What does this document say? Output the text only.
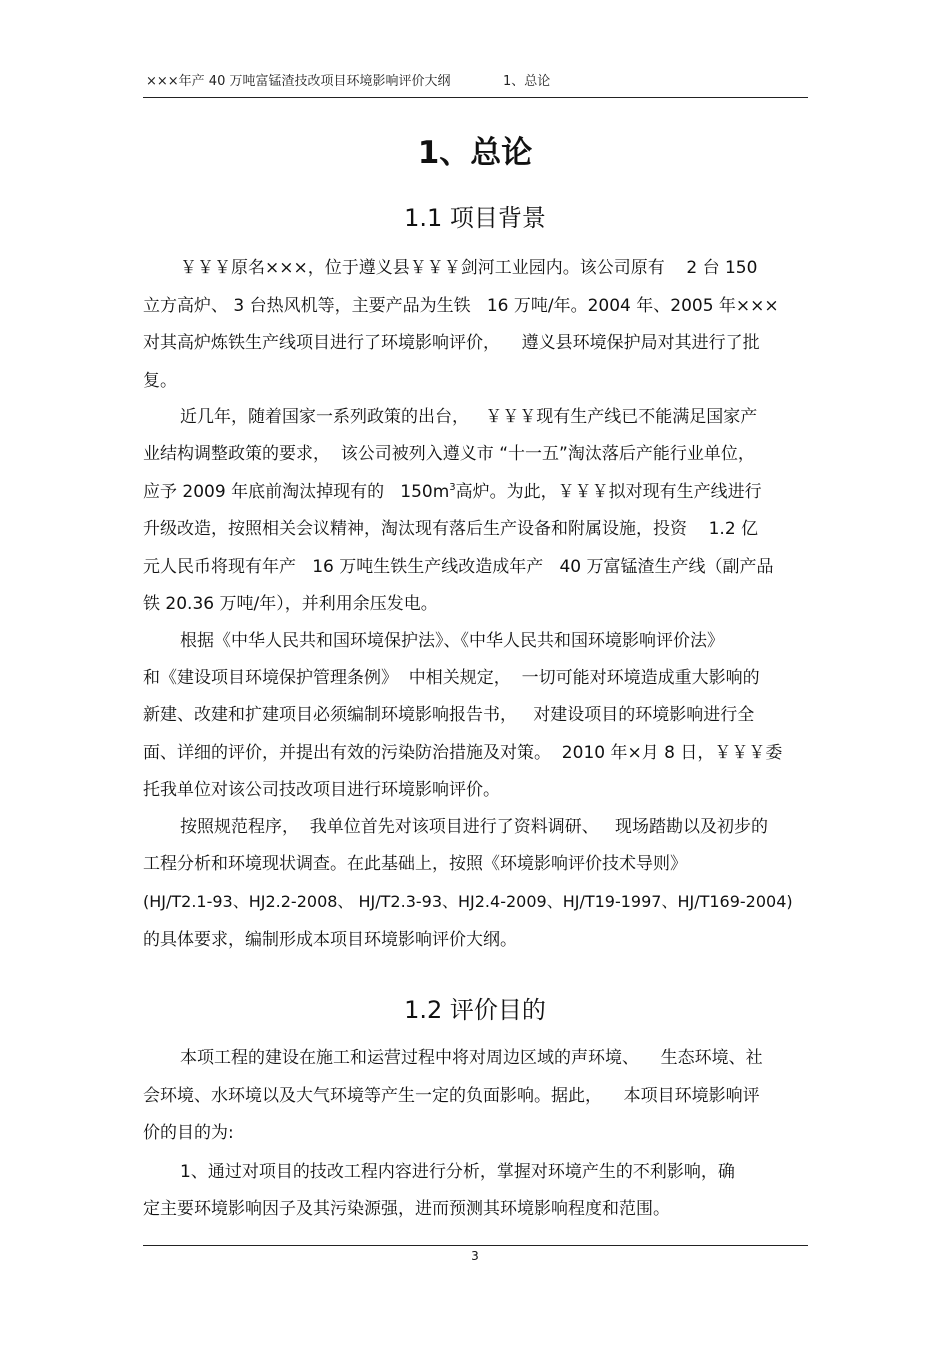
×××年产 40 万吨富锰渣技改项目环境影响评价大纲	1、总论
1、总论
1.1 项目背景
￥￥￥原名×××，位于遵义县￥￥￥剑河工业园内。该公司原有    2 台 150
立方高炉、 3 台热风机等，主要产品为生铁   16 万吨/年。2004 年、2005 年×××
对其高炉炼铁生产线项目进行了环境影响评价，    遵义县环境保护局对其进行了批
复。
近几年，随着国家一系列政策的出台，   ￥￥￥现有生产线已不能满足国家产
业结构调整政策的要求，  该公司被列入遵义市 “十一五”淘汰落后产能行业单位，
应予 2009 年底前淘汰掉现有的   $150m^3$高炉。为此，￥￥￥拟对现有生产线进行
升级改造，按照相关会议精神，淘汰现有落后生产设备和附属设施，投资    1.2 亿
元人民币将现有年产   16 万吨生铁生产线改造成年产   40 万富锰渣生产线（副产品
铁 20.36 万吨/年），并利用余压发电。
根据《中华人民共和国环境保护法》、《中华人民共和国环境影响评价法》
和《建设项目环境保护管理条例》  中相关规定，  一切可能对环境造成重大影响的
新建、改建和扩建项目必须编制环境影响报告书，   对建设项目的环境影响进行全
面、详细的评价，并提出有效的污染防治措施及对策。  2010 年×月 8 日，￥￥￥委
托我单位对该公司技改项目进行环境影响评价。
按照规范程序，  我单位首先对该项目进行了资料调研、   现场踏勘以及初步的
工程分析和环境现状调查。在此基础上，按照《环境影响评价技术导则》
(HJ/T2.1-93、HJ2.2-2008、 HJ/T2.3-93、HJ2.4-2009、HJ/T19-1997、HJ/T169-2004)
的具体要求，编制形成本项目环境影响评价大纲。
1.2 评价目的
本项工程的建设在施工和运营过程中将对周边区域的声环境、    生态环境、社
会环境、水环境以及大气环境等产生一定的负面影响。据此，    本项目环境影响评
价的目的为:
1、通过对项目的技改工程内容进行分析，掌握对环境产生的不利影响，确
定主要环境影响因子及其污染源强，进而预测其环境影响程度和范围。
3
